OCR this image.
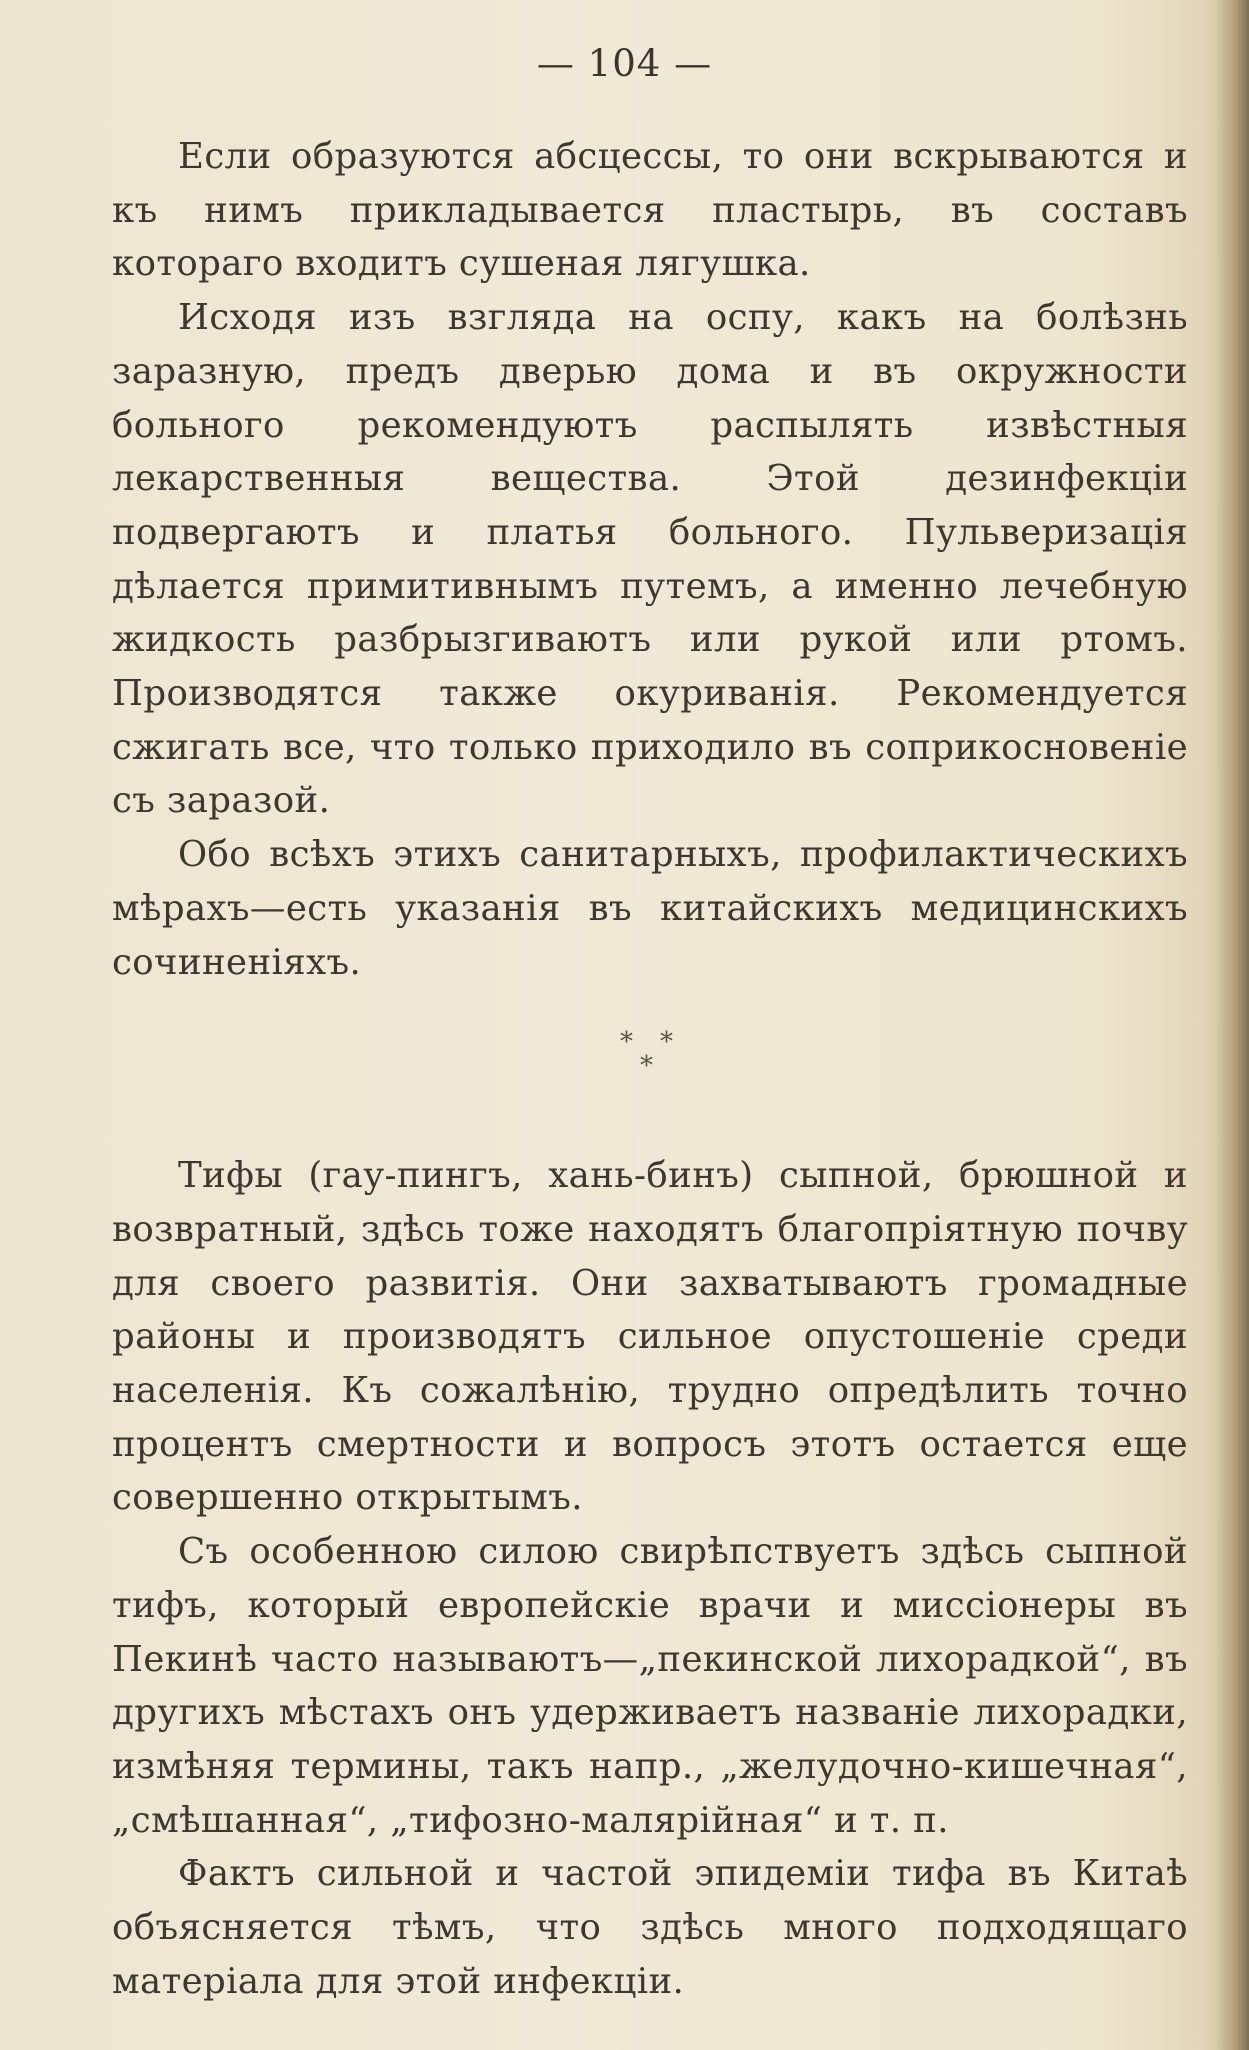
— 104 —

Если образуются абсцессы, то они вскрываются и къ нимъ прикладывается пластырь, въ составъ котораго входитъ сушеная лягушка.

Исходя изъ взгляда на оспу, какъ на болѣзнь заразную, предъ дверью дома и въ окружности больного рекомендуютъ распылять извѣстныя лекарственныя вещества. Этой дезинфекціи подвергаютъ и платья больного. Пульверизація дѣлается примитивнымъ путемъ, а именно лечебную жидкость разбрызгиваютъ или рукой или ртомъ. Производятся также окуриванія. Рекомендуется сжигать все, что только приходило въ соприкосновеніе съ заразой.

Обо всѣхъ этихъ санитарныхъ, профилактическихъ мѣрахъ—есть указанія въ китайскихъ медицинскихъ сочиненіяхъ.

* *
*

Тифы (гау-пингъ, хань-бинъ) сыпной, брюшной и возвратный, здѣсь тоже находятъ благопріятную почву для своего развитія. Они захватываютъ громадные районы и производятъ сильное опустошеніе среди населенія. Къ сожалѣнію, трудно опредѣлить точно процентъ смертности и вопросъ этотъ остается еще совершенно открытымъ.

Съ особенною силою свирѣпствуетъ здѣсь сыпной тифъ, который европейскіе врачи и миссіонеры въ Пекинѣ часто называютъ—„пекинской лихорадкой“, въ другихъ мѣстахъ онъ удерживаетъ названіе лихорадки, измѣняя термины, такъ напр., „желудочно-кишечная“, „смѣшанная“, „тифозно-малярійная“ и т. п.

Фактъ сильной и частой эпидеміи тифа въ Китаѣ объясняется тѣмъ, что здѣсь много подходящаго матеріала для этой инфекціи.
